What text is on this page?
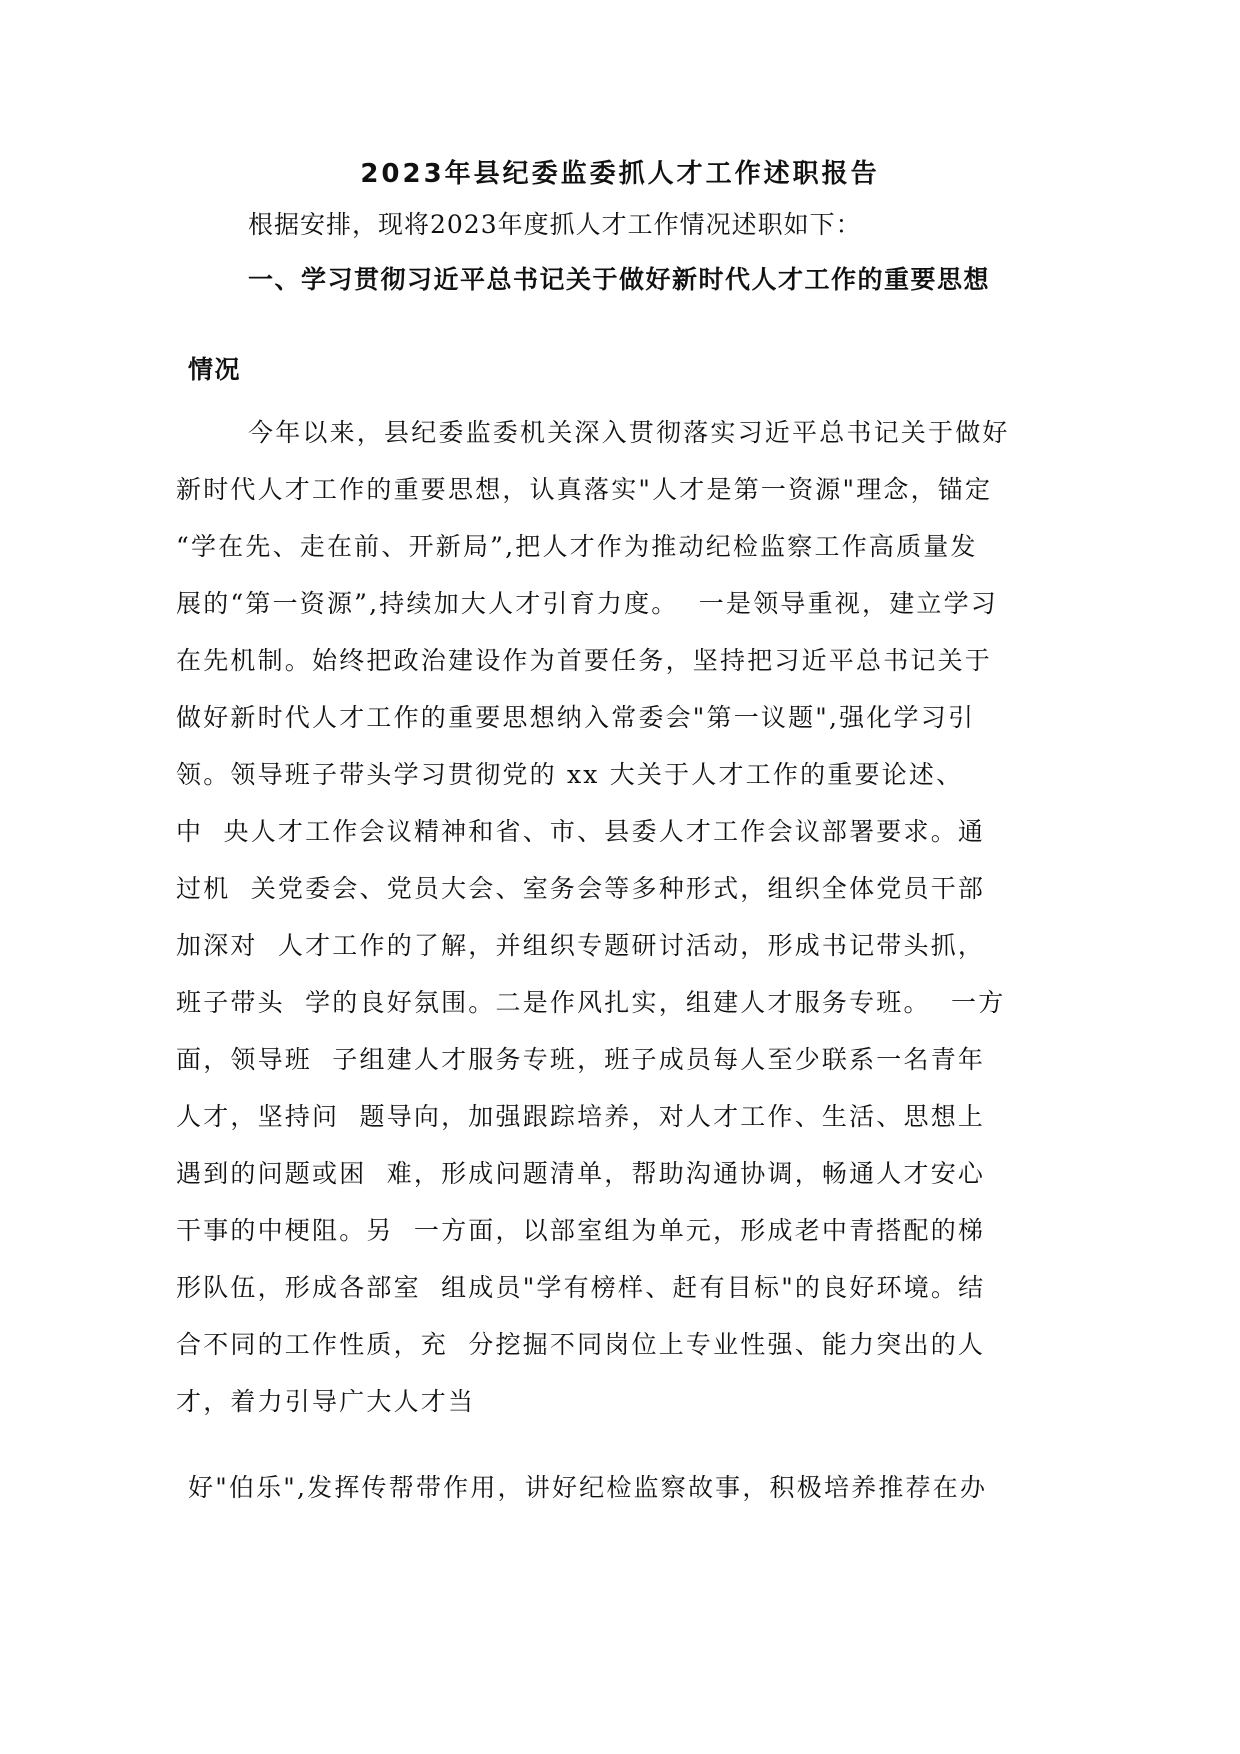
2023年县纪委监委抓人才工作述职报告
根据安排，现将2023年度抓人才工作情况述职如下：
一、学习贯彻习近平总书记关于做好新时代人才工作的重要思想
情况
今年以来，县纪委监委机关深入贯彻落实习近平总书记关于做好
新时代人才工作的重要思想，认真落实"人才是第一资源"理念，锚定
“学在先、走在前、开新局”,把人才作为推动纪检监察工作高质量发
展的“第一资源”,持续加大人才引育力度。  一是领导重视，建立学习
在先机制。始终把政治建设作为首要任务，坚持把习近平总书记关于
做好新时代人才工作的重要思想纳入常委会"第一议题",强化学习引
领。领导班子带头学习贯彻党的 xx 大关于人才工作的重要论述、
中  央人才工作会议精神和省、市、县委人才工作会议部署要求。通
过机  关党委会、党员大会、室务会等多种形式，组织全体党员干部
加深对  人才工作的了解，并组织专题研讨活动，形成书记带头抓，
班子带头  学的良好氛围。二是作风扎实，组建人才服务专班。  一方
面，领导班  子组建人才服务专班，班子成员每人至少联系一名青年
人才，坚持问  题导向，加强跟踪培养，对人才工作、生活、思想上
遇到的问题或困  难，形成问题清单，帮助沟通协调，畅通人才安心
干事的中梗阻。另  一方面，以部室组为单元，形成老中青搭配的梯
形队伍，形成各部室  组成员"学有榜样、赶有目标"的良好环境。结
合不同的工作性质，充  分挖掘不同岗位上专业性强、能力突出的人
才，着力引导广大人才当
好"伯乐",发挥传帮带作用，讲好纪检监察故事，积极培养推荐在办
